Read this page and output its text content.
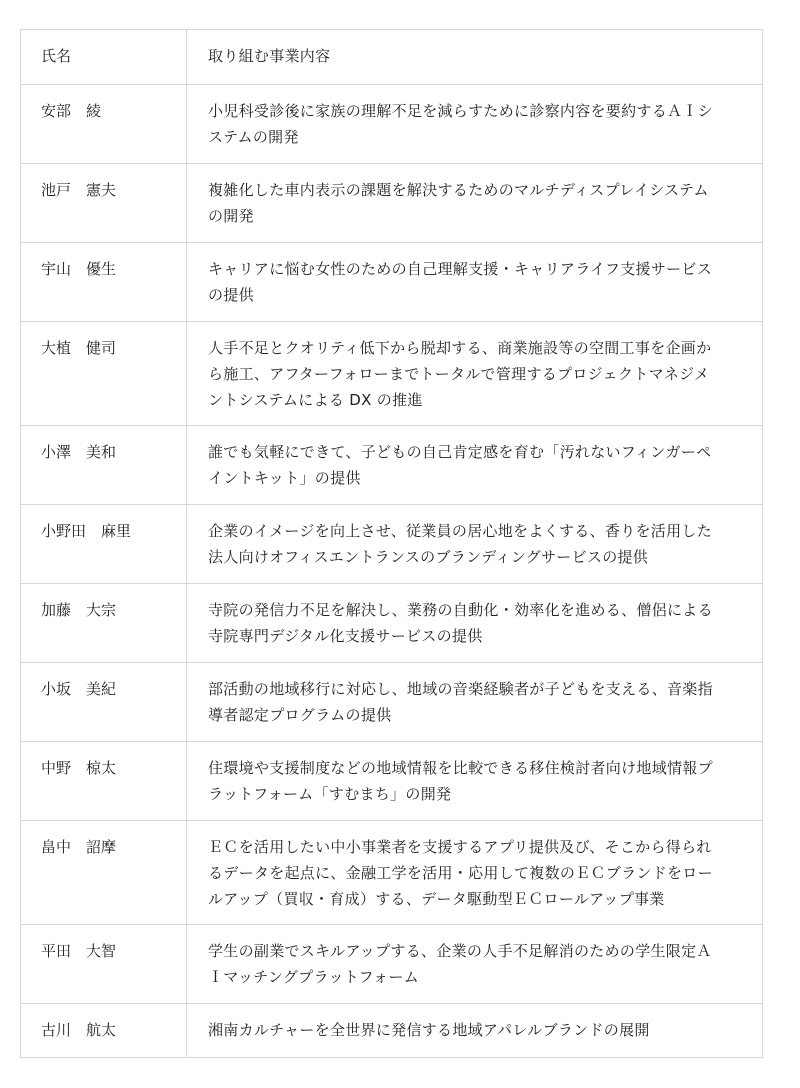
氏名	取り組む事業内容
安部　綾	小児科受診後に家族の理解不足を減らすために診察内容を要約するＡＩシ
ステムの開発
池戸　憲夫	複雑化した車内表示の課題を解決するためのマルチディスプレイシステム
の開発
宇山　優生	キャリアに悩む女性のための自己理解支援・キャリアライフ支援サービス
の提供
大植　健司	人手不足とクオリティ低下から脱却する、商業施設等の空間工事を企画か
ら施工、アフターフォローまでトータルで管理するプロジェクトマネジメ
ントシステムによる DX の推進
小澤　美和	誰でも気軽にできて、子どもの自己肯定感を育む「汚れないフィンガーペ
イントキット」の提供
小野田　麻里	企業のイメージを向上させ、従業員の居心地をよくする、香りを活用した
法人向けオフィスエントランスのブランディングサービスの提供
加藤　大宗	寺院の発信力不足を解決し、業務の自動化・効率化を進める、僧侶による
寺院専門デジタル化支援サービスの提供
小坂　美紀	部活動の地域移行に対応し、地域の音楽経験者が子どもを支える、音楽指
導者認定プログラムの提供
中野　椋太	住環境や支援制度などの地域情報を比較できる移住検討者向け地域情報プ
ラットフォーム「すむまち」の開発
畠中　詔摩	ＥＣを活用したい中小事業者を支援するアプリ提供及び、そこから得られ
るデータを起点に、金融工学を活用・応用して複数のＥＣブランドをロー
ルアップ（買収・育成）する、データ駆動型ＥＣロールアップ事業
平田　大智	学生の副業でスキルアップする、企業の人手不足解消のための学生限定Ａ
Ｉマッチングプラットフォーム
古川　航太	湘南カルチャーを全世界に発信する地域アパレルブランドの展開
